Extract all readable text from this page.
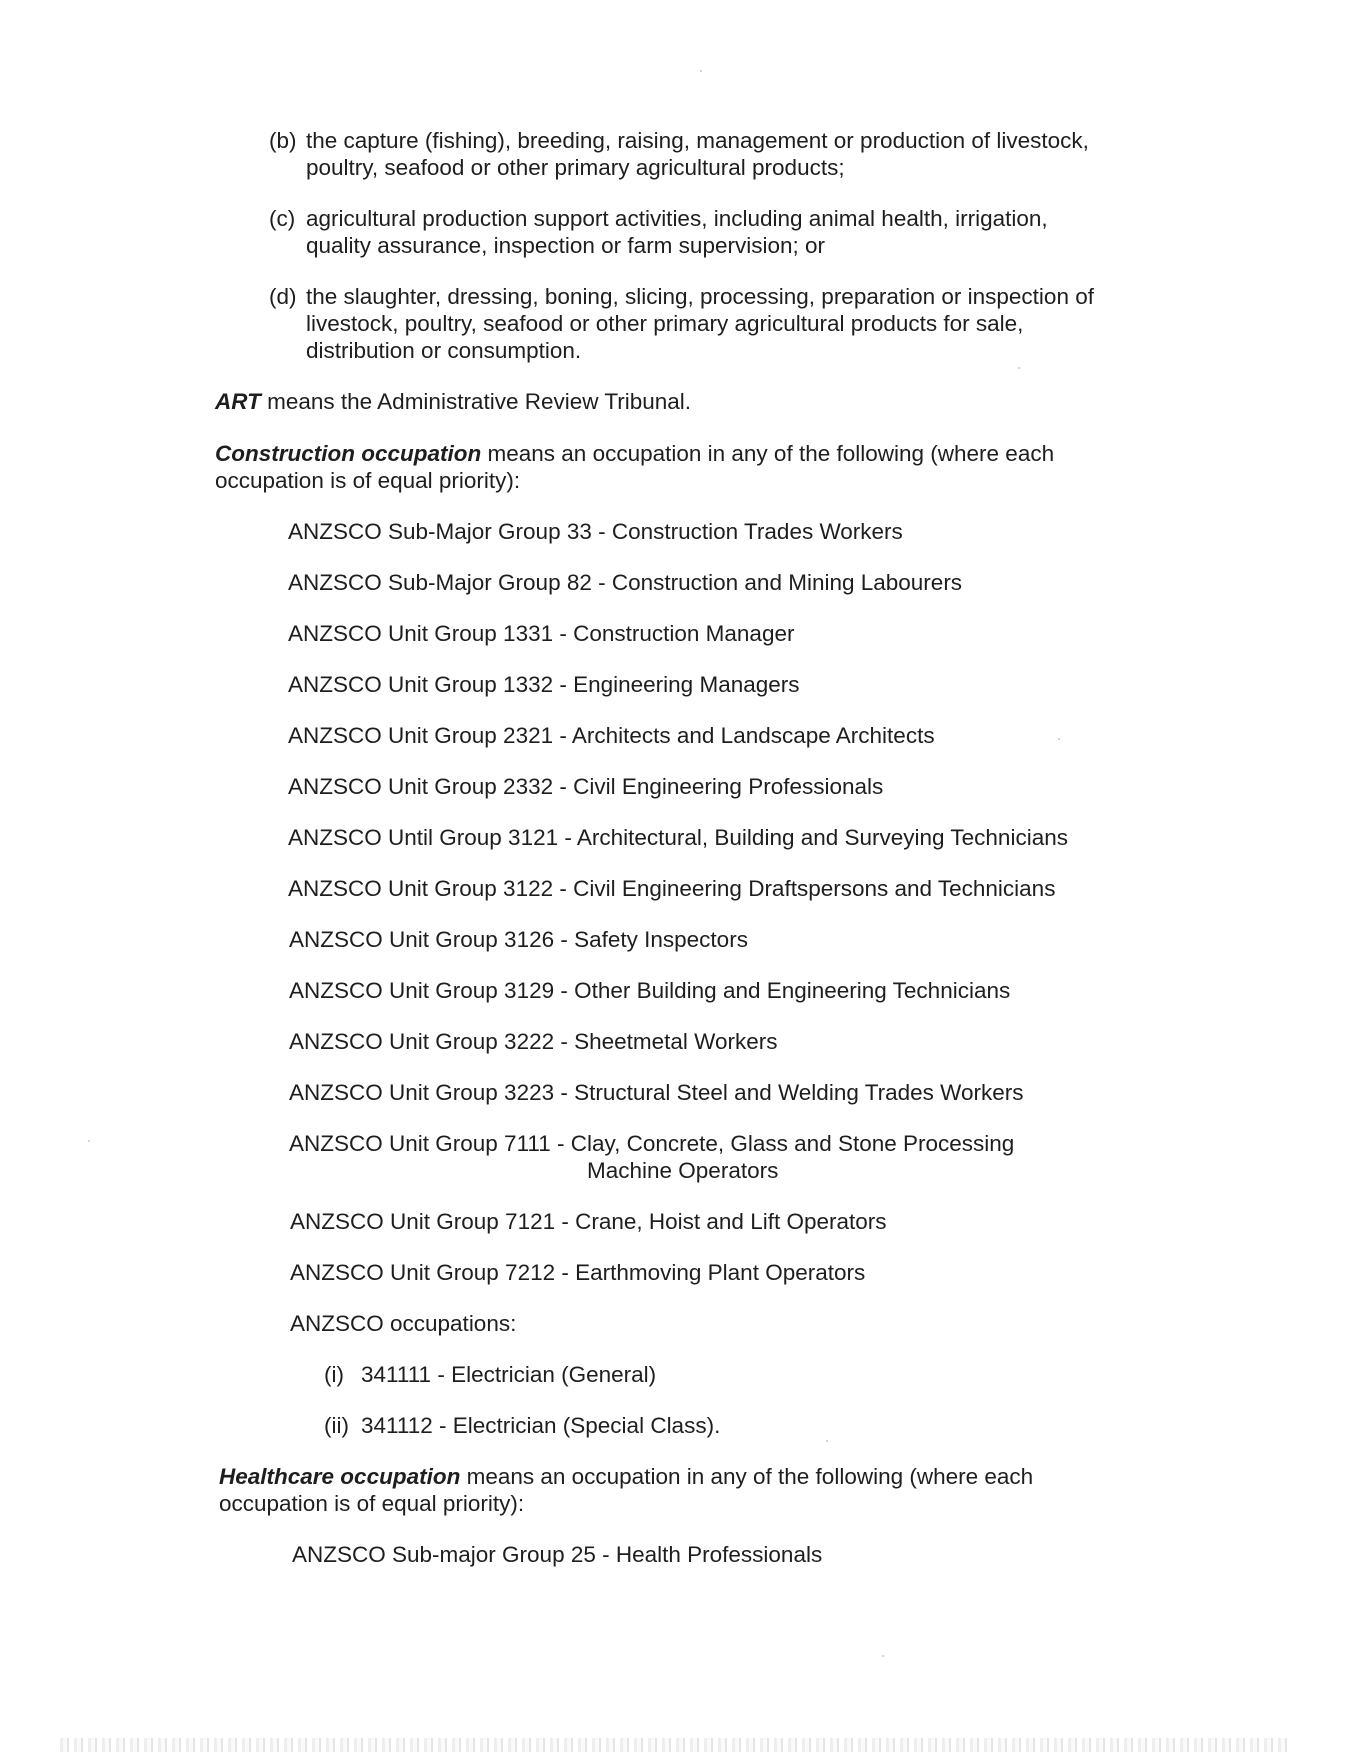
(b) the capture (fishing), breeding, raising, management or production of livestock,
poultry, seafood or other primary agricultural products;
(c) agricultural production support activities, including animal health, irrigation,
quality assurance, inspection or farm supervision; or
(d) the slaughter, dressing, boning, slicing, processing, preparation or inspection of
livestock, poultry, seafood or other primary agricultural products for sale,
distribution or consumption.
ART means the Administrative Review Tribunal.
Construction occupation means an occupation in any of the following (where each
occupation is of equal priority):
ANZSCO Sub-Major Group 33 - Construction Trades Workers
ANZSCO Sub-Major Group 82 - Construction and Mining Labourers
ANZSCO Unit Group 1331 - Construction Manager
ANZSCO Unit Group 1332 - Engineering Managers
ANZSCO Unit Group 2321 - Architects and Landscape Architects
ANZSCO Unit Group 2332 - Civil Engineering Professionals
ANZSCO Until Group 3121 - Architectural, Building and Surveying Technicians
ANZSCO Unit Group 3122 - Civil Engineering Draftspersons and Technicians
ANZSCO Unit Group 3126 - Safety Inspectors
ANZSCO Unit Group 3129 - Other Building and Engineering Technicians
ANZSCO Unit Group 3222 - Sheetmetal Workers
ANZSCO Unit Group 3223 - Structural Steel and Welding Trades Workers
ANZSCO Unit Group 7111 - Clay, Concrete, Glass and Stone Processing
Machine Operators
ANZSCO Unit Group 7121 - Crane, Hoist and Lift Operators
ANZSCO Unit Group 7212 - Earthmoving Plant Operators
ANZSCO occupations:
(i) 341111 - Electrician (General)
(ii) 341112 - Electrician (Special Class).
Healthcare occupation means an occupation in any of the following (where each
occupation is of equal priority):
ANZSCO Sub-major Group 25 - Health Professionals
